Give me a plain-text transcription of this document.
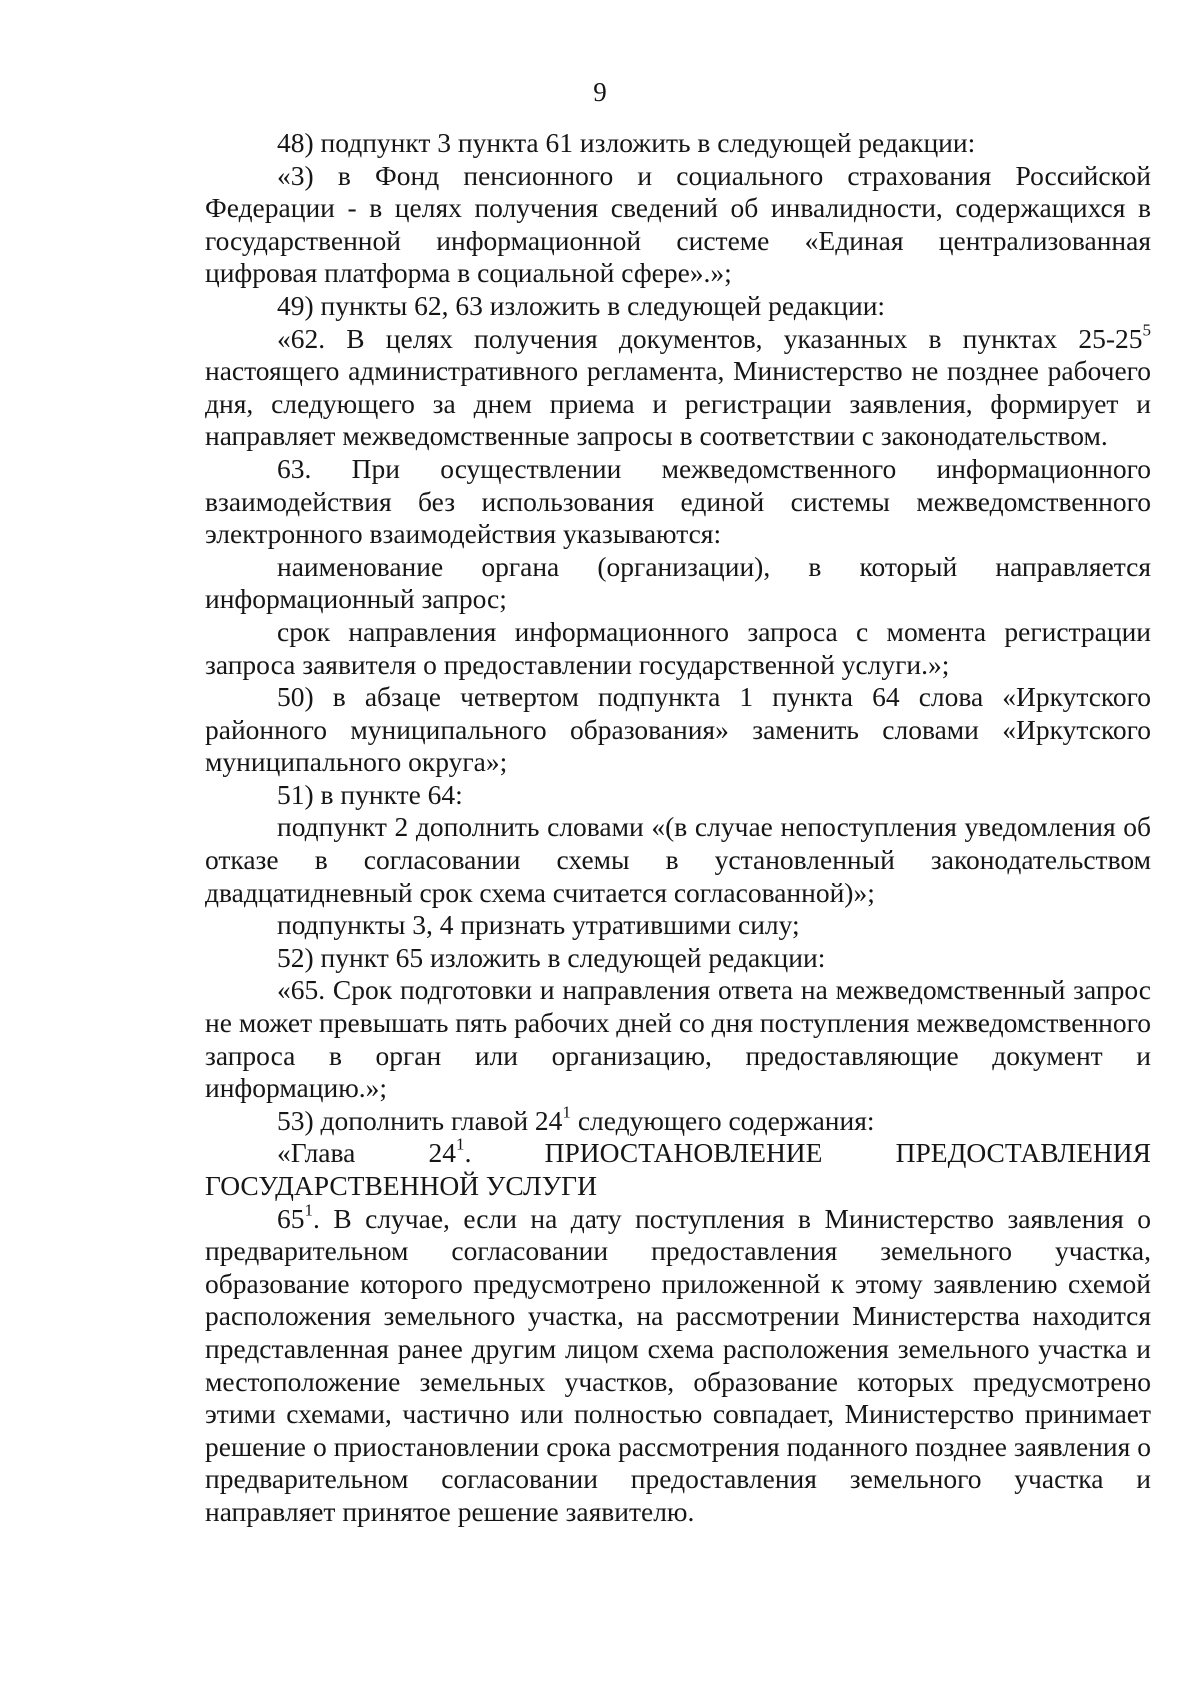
9

48) подпункт 3 пункта 61 изложить в следующей редакции:

«3) в Фонд пенсионного и социального страхования Российской Федерации - в целях получения сведений об инвалидности, содержащихся в государственной информационной системе «Единая централизованная цифровая платформа в социальной сфере».»;

49) пункты 62, 63 изложить в следующей редакции:

«62. В целях получения документов, указанных в пунктах $25-25^5$ настоящего административного регламента, Министерство не позднее рабочего дня, следующего за днем приема и регистрации заявления, формирует и направляет межведомственные запросы в соответствии с законодательством.

63. При осуществлении межведомственного информационного взаимодействия без использования единой системы межведомственного электронного взаимодействия указываются:

наименование органа (организации), в который направляется информационный запрос;

срок направления информационного запроса с момента регистрации запроса заявителя о предоставлении государственной услуги.»;

50) в абзаце четвертом подпункта 1 пункта 64 слова «Иркутского районного муниципального образования» заменить словами «Иркутского муниципального округа»;

51) в пункте 64:

подпункт 2 дополнить словами «(в случае непоступления уведомления об отказе в согласовании схемы в установленный законодательством двадцатидневный срок схема считается согласованной)»;

подпункты 3, 4 признать утратившими силу;

52) пункт 65 изложить в следующей редакции:

«65. Срок подготовки и направления ответа на межведомственный запрос не может превышать пять рабочих дней со дня поступления межведомственного запроса в орган или организацию, предоставляющие документ и информацию.»;

53) дополнить главой $24^1$ следующего содержания:

«Глава $24^1$. ПРИОСТАНОВЛЕНИЕ ПРЕДОСТАВЛЕНИЯ ГОСУДАРСТВЕННОЙ УСЛУГИ

$65^1$. В случае, если на дату поступления в Министерство заявления о предварительном согласовании предоставления земельного участка, образование которого предусмотрено приложенной к этому заявлению схемой расположения земельного участка, на рассмотрении Министерства находится представленная ранее другим лицом схема расположения земельного участка и местоположение земельных участков, образование которых предусмотрено этими схемами, частично или полностью совпадает, Министерство принимает решение о приостановлении срока рассмотрения поданного позднее заявления о предварительном согласовании предоставления земельного участка и направляет принятое решение заявителю.
